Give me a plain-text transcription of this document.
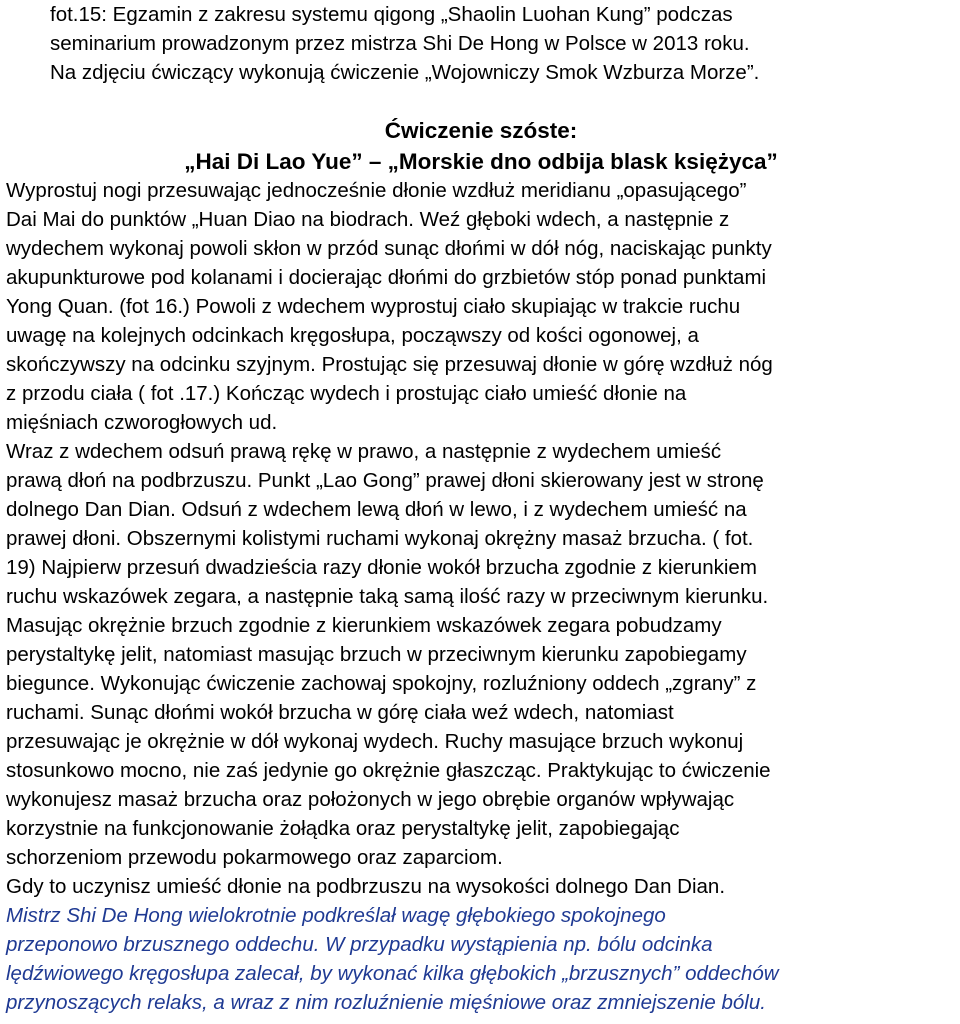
fot.15: Egzamin z zakresu systemu qigong „Shaolin Luohan Kung” podczas
seminarium prowadzonym przez mistrza Shi De Hong w Polsce w 2013 roku.
Na zdjęciu ćwiczący wykonują ćwiczenie „Wojowniczy Smok Wzburza Morze”.
Ćwiczenie szóste:
„Hai Di Lao Yue” – „Morskie dno odbija blask księżyca”
Wyprostuj nogi przesuwając jednocześnie dłonie wzdłuż meridianu „opasującego”
Dai Mai do punktów „Huan Diao na biodrach. Weź głęboki wdech, a następnie z
wydechem wykonaj powoli skłon w przód sunąc dłońmi w dół nóg, naciskając punkty
akupunkturowe pod kolanami i docierając dłońmi do grzbietów stóp ponad punktami
Yong Quan. (fot 16.) Powoli z wdechem wyprostuj ciało skupiając w trakcie ruchu
uwagę na kolejnych odcinkach kręgosłupa, począwszy od kości ogonowej, a
skończywszy na odcinku szyjnym. Prostując się przesuwaj dłonie w górę wzdłuż nóg
z przodu ciała ( fot .17.) Kończąc wydech i prostując ciało umieść dłonie na
mięśniach czworogłowych ud.
Wraz z wdechem odsuń prawą rękę w prawo, a następnie z wydechem umieść
prawą dłoń na podbrzuszu. Punkt „Lao Gong” prawej dłoni skierowany jest w stronę
dolnego Dan Dian. Odsuń z wdechem lewą dłoń w lewo, i z wydechem umieść na
prawej dłoni. Obszernymi kolistymi ruchami wykonaj okrężny masaż brzucha. ( fot.
19) Najpierw przesuń dwadzieścia razy dłonie wokół brzucha zgodnie z kierunkiem
ruchu wskazówek zegara, a następnie taką samą ilość razy w przeciwnym kierunku.
Masując okrężnie brzuch zgodnie z kierunkiem wskazówek zegara pobudzamy
perystaltykę jelit, natomiast masując brzuch w przeciwnym kierunku zapobiegamy
biegunce. Wykonując ćwiczenie zachowaj spokojny, rozluźniony oddech „zgrany” z
ruchami. Sunąc dłońmi wokół brzucha w górę ciała weź wdech, natomiast
przesuwając je okrężnie w dół wykonaj wydech. Ruchy masujące brzuch wykonuj
stosunkowo mocno, nie zaś jedynie go okrężnie głaszcząc. Praktykując to ćwiczenie
wykonujesz masaż brzucha oraz położonych w jego obrębie organów wpływając
korzystnie na funkcjonowanie żołądka oraz perystaltykę jelit, zapobiegając
schorzeniom przewodu pokarmowego oraz zaparciom.
Gdy to uczynisz umieść dłonie na podbrzuszu na wysokości dolnego Dan Dian.
Mistrz Shi De Hong wielokrotnie podkreślał wagę głębokiego spokojnego
przeponowo brzusznego oddechu. W przypadku wystąpienia np. bólu odcinka
lędźwiowego kręgosłupa zalecał, by wykonać kilka głębokich „brzusznych” oddechów
przynoszących relaks, a wraz z nim rozluźnienie mięśniowe oraz zmniejszenie bólu.
